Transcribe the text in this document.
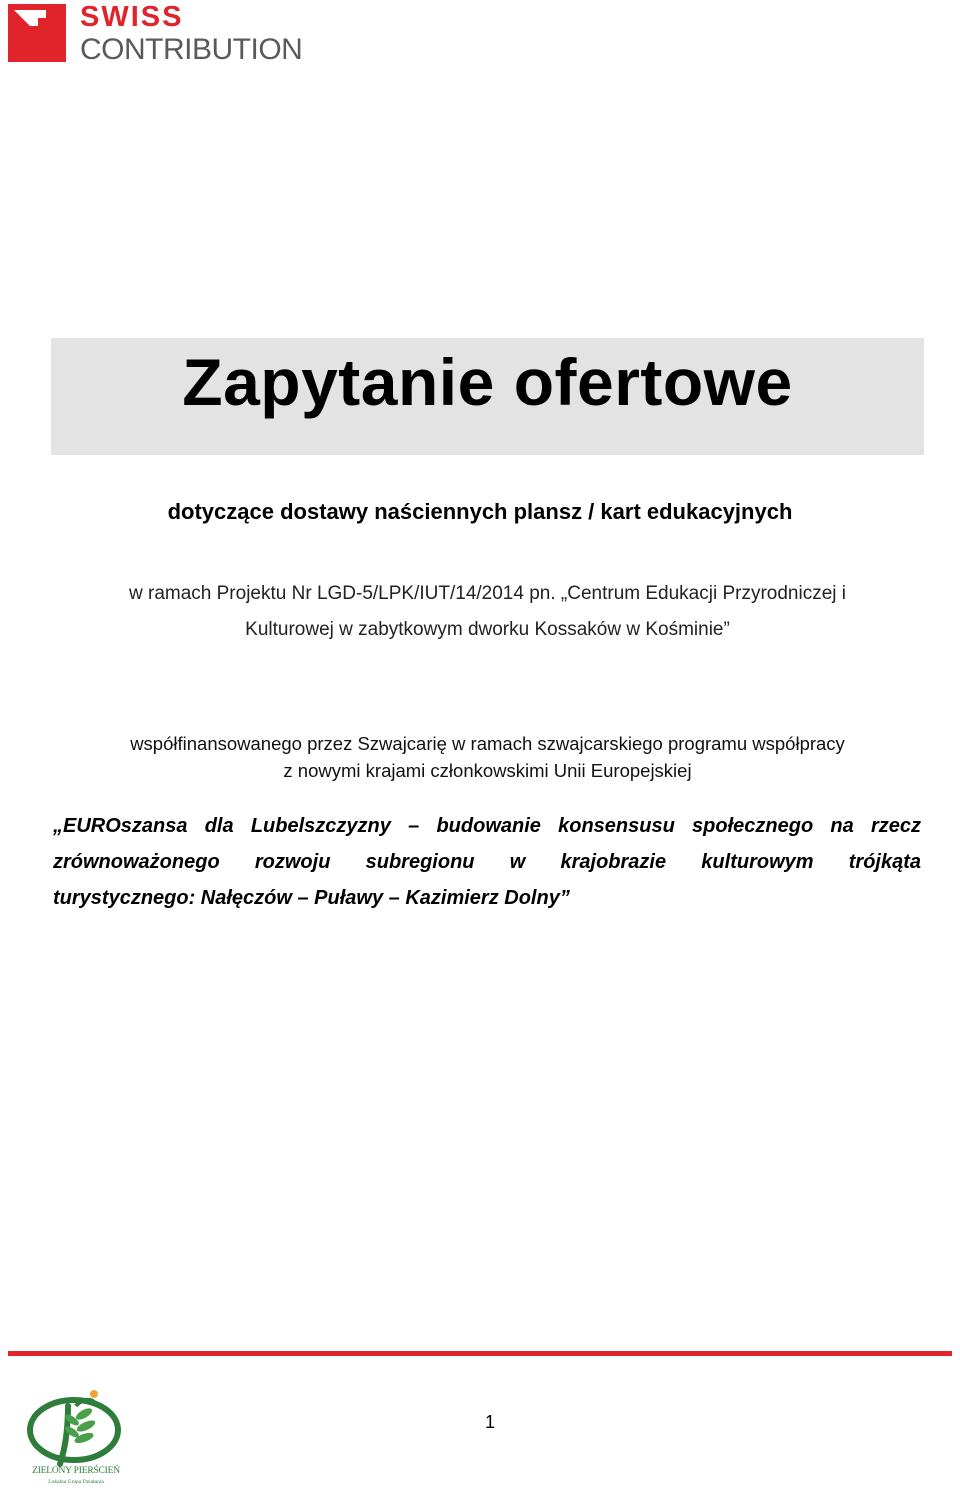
SWISS
CONTRIBUTION
Zapytanie ofertowe
dotyczące dostawy naściennych plansz / kart edukacyjnych
w ramach Projektu Nr LGD-5/LPK/IUT/14/2014 pn. „Centrum Edukacji Przyrodniczej i
Kulturowej w zabytkowym dworku Kossaków w Kośminie”
współfinansowanego przez Szwajcarię w ramach szwajcarskiego programu współpracy
z nowymi krajami członkowskimi Unii Europejskiej
„EUROszansa dla Lubelszczyzny – budowanie konsensusu społecznego na rzecz
zrównoważonego rozwoju subregionu w krajobrazie kulturowym trójkąta
turystycznego: Nałęczów – Puławy – Kazimierz Dolny”
ZIELONY PIERŚCIEŃ
Lokalna Grupa Działania
1
